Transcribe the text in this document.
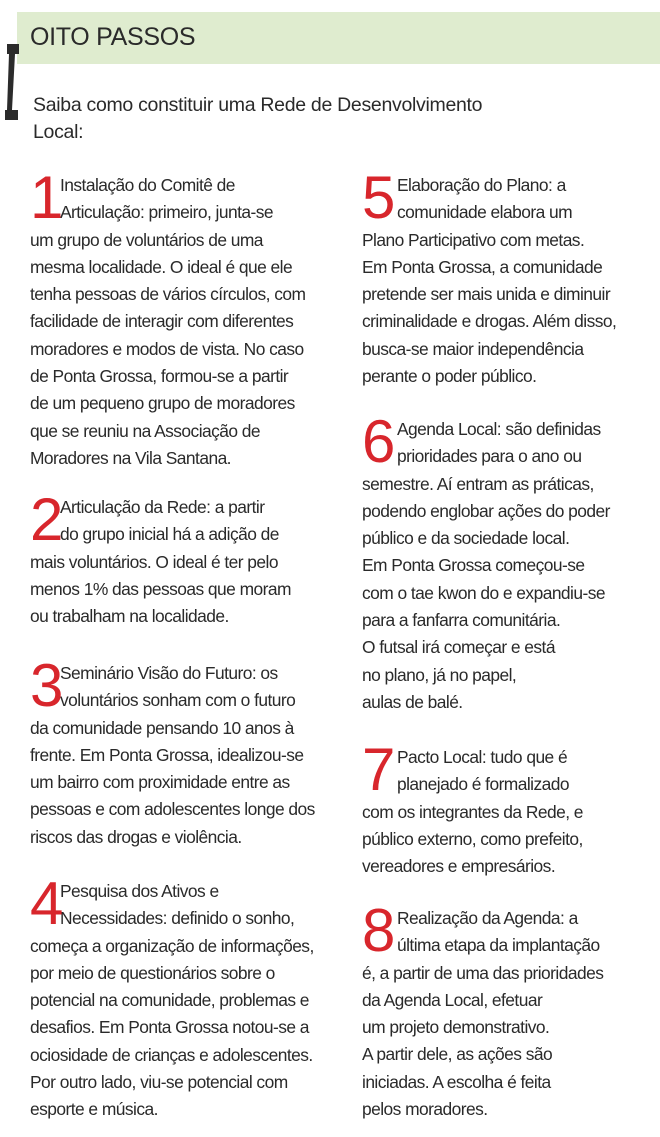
OITO PASSOS
Saiba como constituir uma Rede de Desenvolvimento
Local:
1
Instalação do Comitê de
Articulação: primeiro, junta-se
um grupo de voluntários de uma
mesma localidade. O ideal é que ele
tenha pessoas de vários círculos, com
facilidade de interagir com diferentes
moradores e modos de vista. No caso
de Ponta Grossa, formou-se a partir
de um pequeno grupo de moradores
que se reuniu na Associação de
Moradores na Vila Santana.
2
Articulação da Rede: a partir
do grupo inicial há a adição de
mais voluntários. O ideal é ter pelo
menos 1% das pessoas que moram
ou trabalham na localidade.
3
Seminário Visão do Futuro: os
voluntários sonham com o futuro
da comunidade pensando 10 anos à
frente. Em Ponta Grossa, idealizou-se
um bairro com proximidade entre as
pessoas e com adolescentes longe dos
riscos das drogas e violência.
4
Pesquisa dos Ativos e
Necessidades: definido o sonho,
começa a organização de informações,
por meio de questionários sobre o
potencial na comunidade, problemas e
desafios. Em Ponta Grossa notou-se a
ociosidade de crianças e adolescentes.
Por outro lado, viu-se potencial com
esporte e música.
5 Elaboração do Plano: a
comunidade elabora um
Plano Participativo com metas.
Em Ponta Grossa, a comunidade
pretende ser mais unida e diminuir
criminalidade e drogas. Além disso,
busca-se maior independência
perante o poder público.
6 Agenda Local: são definidas
prioridades para o ano ou
semestre. Aí entram as práticas,
podendo englobar ações do poder
público e da sociedade local.
Em Ponta Grossa começou-se
com o tae kwon do e expandiu-se
para a fanfarra comunitária.
O futsal irá começar e está
no plano, já no papel,
aulas de balé.
7 Pacto Local: tudo que é
planejado é formalizado
com os integrantes da Rede, e
público externo, como prefeito,
vereadores e empresários.
8 Realização da Agenda: a
última etapa da implantação
é, a partir de uma das prioridades
da Agenda Local, efetuar
um projeto demonstrativo.
A partir dele, as ações são
iniciadas. A escolha é feita
pelos moradores.
